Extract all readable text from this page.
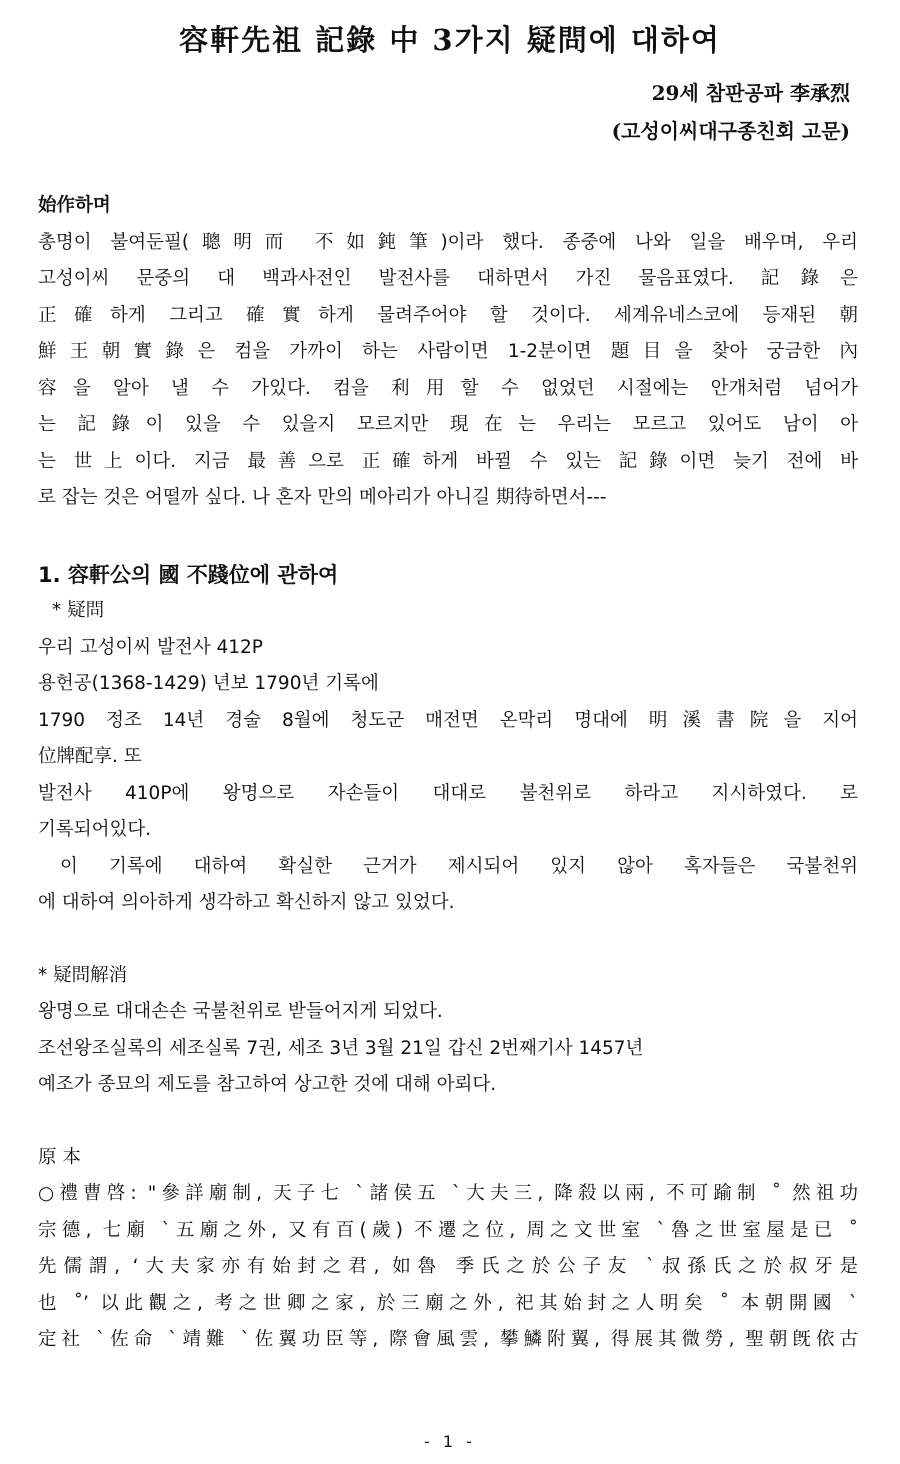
容軒先祖 記錄 中 3가지 疑問에 대하여
29세 참판공파 李承烈
(고성이씨대구종친회 고문)

始作하며

총명이 불여둔필(聰明而 不如鈍筆)이라 했다. 종중에 나와 일을 배우며, 우리

고성이씨 문중의 대 백과사전인 발전사를 대하면서 가진 물음표였다. 記錄은

正確하게 그리고 確實하게 물려주어야 할 것이다. 세계유네스코에 등재된 朝

鮮王朝實錄은 컴을 가까이 하는 사람이면 1-2분이면 題目을 찾아 궁금한 內

容을 알아 낼 수 가있다. 컴을 利用할 수 없었던 시절에는 안개처럼 넘어가

는 記錄이 있을 수 있을지 모르지만 現在는 우리는 모르고 있어도 남이 아

는 世上이다. 지금 最善으로 正確하게 바뀔 수 있는 記錄이면 늦기 전에 바

로 잡는 것은 어떨까 싶다. 나 혼자 만의 메아리가 아니길 期待하면서---

1. 容軒公의 國 不踐位에 관하여

* 疑問

우리 고성이씨 발전사 412P

용헌공(1368-1429) 년보 1790년 기록에

1790 정조 14년 경술 8월에 청도군 매전면 온막리 명대에 明溪書院을 지어

位牌配享. 또

발전사 410P에 왕명으로 자손들이 대대로 불천위로 하라고 지시하였다. 로

기록되어있다.

이 기록에 대하여 확실한 근거가 제시되어 있지 않아 혹자들은 국불천위

에 대하여 의아하게 생각하고 확신하지 않고 있었다.

* 疑問解消

왕명으로 대대손손 국불천위로 받들어지게 되었다.

조선왕조실록의 세조실록 7권, 세조 3년 3월 21일 갑신 2번째기사 1457년

예조가 종묘의 제도를 참고하여 상고한 것에 대해 아뢰다.

原 本

○禮曹啓: "參詳廟制, 天子七 `諸侯五 `大夫三, 降殺以兩, 不可踰制 ˚ 然祖功

宗德, 七廟 `五廟之外, 又有百(歲) 不遷之位, 周之文世室 `魯之世室屋是已 ˚

先儒謂, ‘大夫家亦有始封之君, 如魯 季氏之於公子友 `叔孫氏之於叔牙是

也 ˚’ 以此觀之, 考之世卿之家, 於三廟之外, 祀其始封之人明矣 ˚ 本朝開國 `

定社 `佐命 `靖難 `佐翼功臣等, 際會風雲, 攀鱗附翼, 得展其微勞, 聖朝旣依古

- 1 -
